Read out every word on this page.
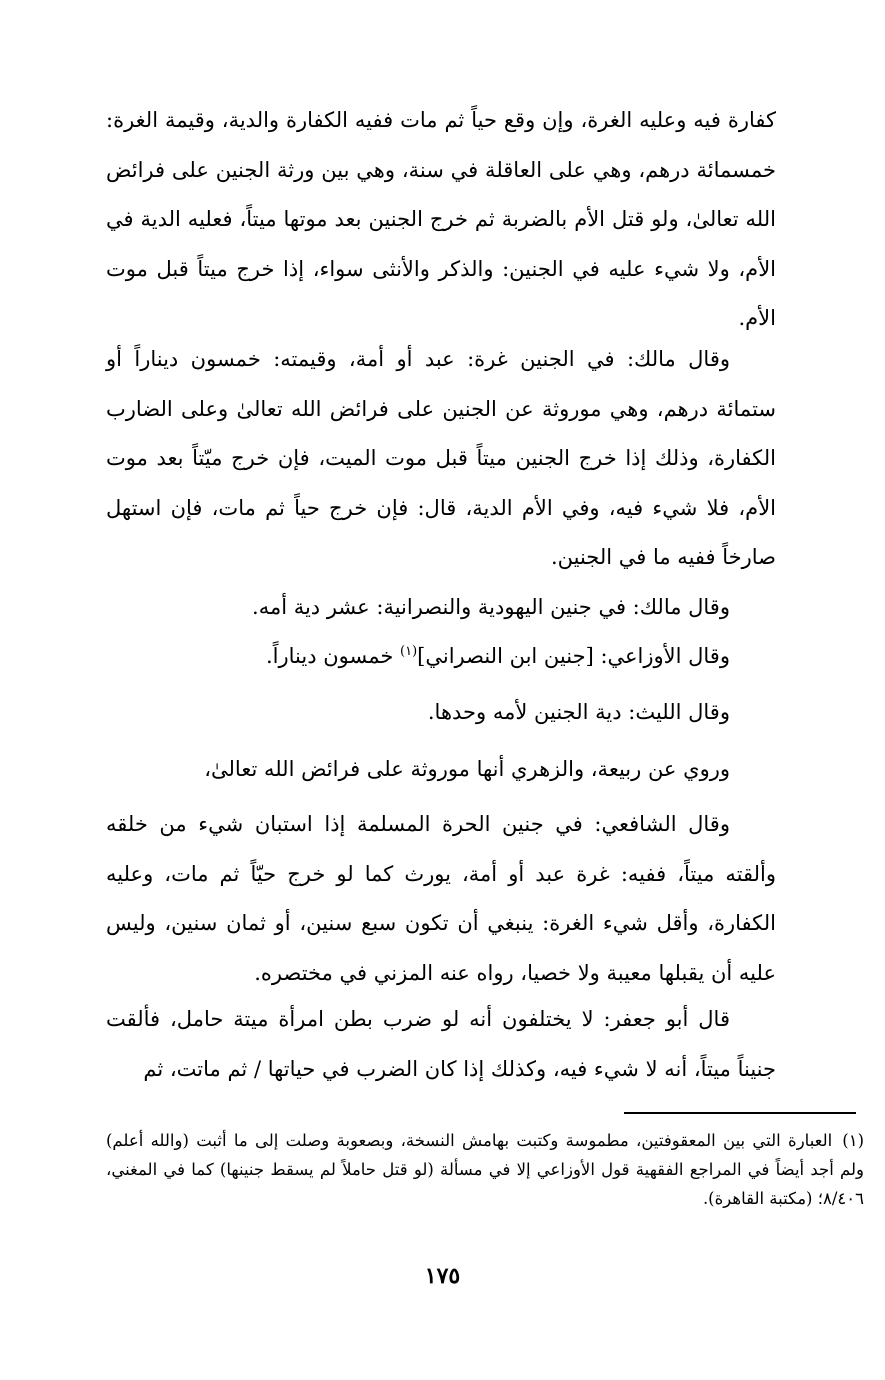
كفارة فيه وعليه الغرة، وإن وقع حياً ثم مات ففيه الكفارة والدية، وقيمة الغرة: خمسمائة درهم، وهي على العاقلة في سنة، وهي بين ورثة الجنين على فرائض الله تعالىٰ، ولو قتل الأم بالضربة ثم خرج الجنين بعد موتها ميتاً، فعليه الدية في الأم، ولا شيء عليه في الجنين: والذكر والأنثى سواء، إذا خرج ميتاً قبل موت الأم.

وقال مالك: في الجنين غرة: عبد أو أمة، وقيمته: خمسون ديناراً أو ستمائة درهم، وهي موروثة عن الجنين على فرائض الله تعالىٰ وعلى الضارب الكفارة، وذلك إذا خرج الجنين ميتاً قبل موت الميت، فإن خرج ميّتاً بعد موت الأم، فلا شيء فيه، وفي الأم الدية، قال: فإن خرج حياً ثم مات، فإن استهل صارخاً ففيه ما في الجنين.

وقال مالك: في جنين اليهودية والنصرانية: عشر دية أمه.

وقال الأوزاعي: [جنين ابن النصراني]$^{(١)}$ خمسون ديناراً.

وقال الليث: دية الجنين لأمه وحدها.

وروي عن ربيعة، والزهري أنها موروثة على فرائض الله تعالىٰ،

وقال الشافعي: في جنين الحرة المسلمة إذا استبان شيء من خلقه وألقته ميتاً، ففيه: غرة عبد أو أمة، يورث كما لو خرج حيّاً ثم مات، وعليه الكفارة، وأقل شيء الغرة: ينبغي أن تكون سبع سنين، أو ثمان سنين، وليس عليه أن يقبلها معيبة ولا خصيا، رواه عنه المزني في مختصره.

قال أبو جعفر: لا يختلفون أنه لو ضرب بطن امرأة ميتة حامل، فألقت جنيناً ميتاً، أنه لا شيء فيه، وكذلك إذا كان الضرب في حياتها / ثم ماتت، ثم

(١)العبارة التي بين المعقوفتين، مطموسة وكتبت بهامش النسخة، وبصعوبة وصلت إلى ما أثبت (والله أعلم) ولم أجد أيضاً في المراجع الفقهية قول الأوزاعي إلا في مسألة (لو قتل حاملاً لم يسقط جنينها) كما في المغني، ٨/٤٠٦؛ (مكتبة القاهرة).
١٧٥
